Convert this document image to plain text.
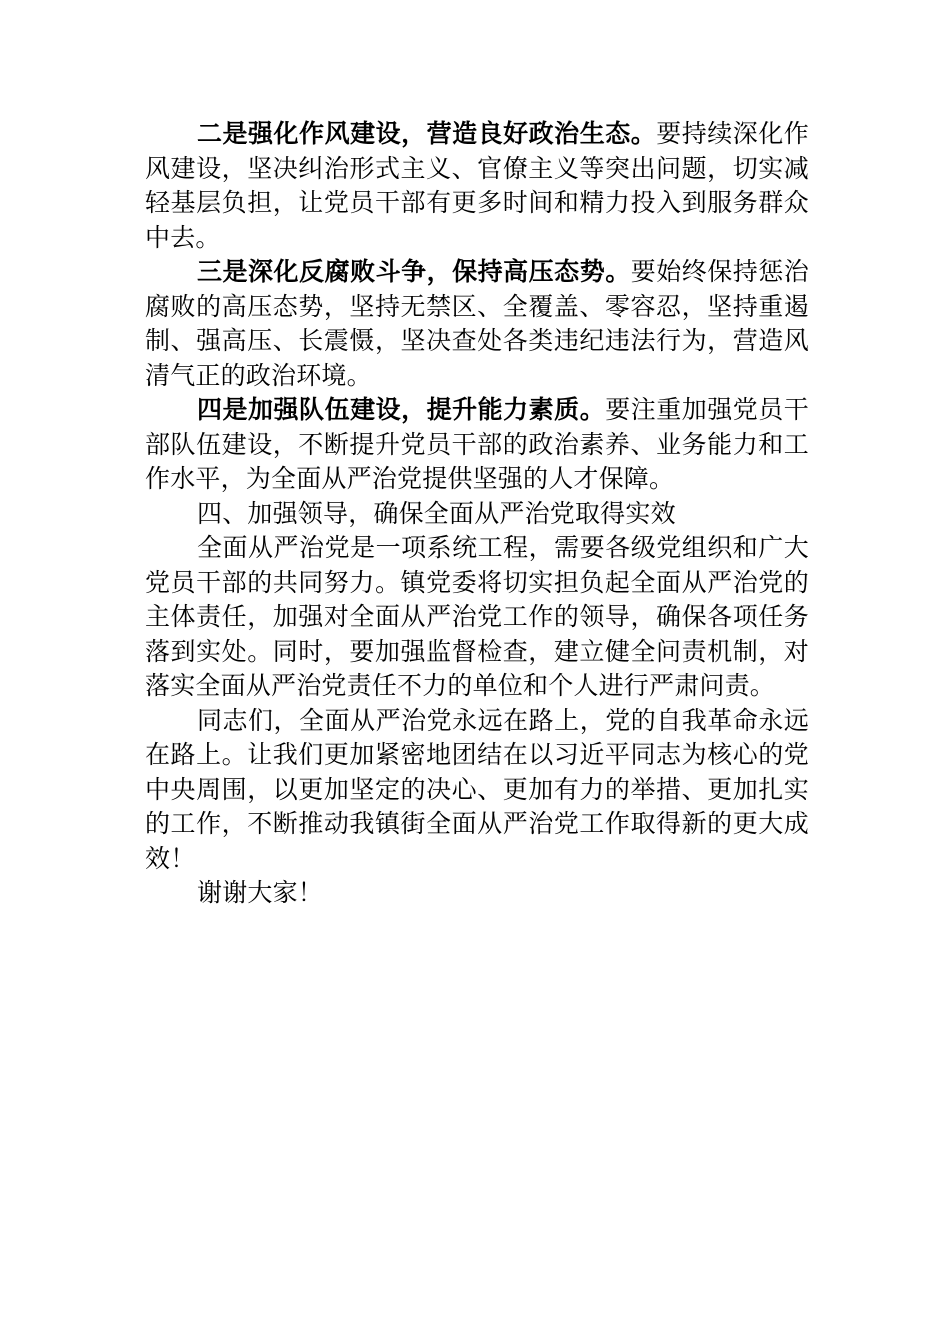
二是强化作风建设，营造良好政治生态。要持续深化作风建设，坚决纠治形式主义、官僚主义等突出问题，切实减轻基层负担，让党员干部有更多时间和精力投入到服务群众中去。

三是深化反腐败斗争，保持高压态势。要始终保持惩治腐败的高压态势，坚持无禁区、全覆盖、零容忍，坚持重遏制、强高压、长震慑，坚决查处各类违纪违法行为，营造风清气正的政治环境。

四是加强队伍建设，提升能力素质。要注重加强党员干部队伍建设，不断提升党员干部的政治素养、业务能力和工作水平，为全面从严治党提供坚强的人才保障。

四、加强领导，确保全面从严治党取得实效

全面从严治党是一项系统工程，需要各级党组织和广大党员干部的共同努力。镇党委将切实担负起全面从严治党的主体责任，加强对全面从严治党工作的领导，确保各项任务落到实处。同时，要加强监督检查，建立健全问责机制，对落实全面从严治党责任不力的单位和个人进行严肃问责。

同志们，全面从严治党永远在路上，党的自我革命永远在路上。让我们更加紧密地团结在以习近平同志为核心的党中央周围，以更加坚定的决心、更加有力的举措、更加扎实的工作，不断推动我镇街全面从严治党工作取得新的更大成效！

谢谢大家！
